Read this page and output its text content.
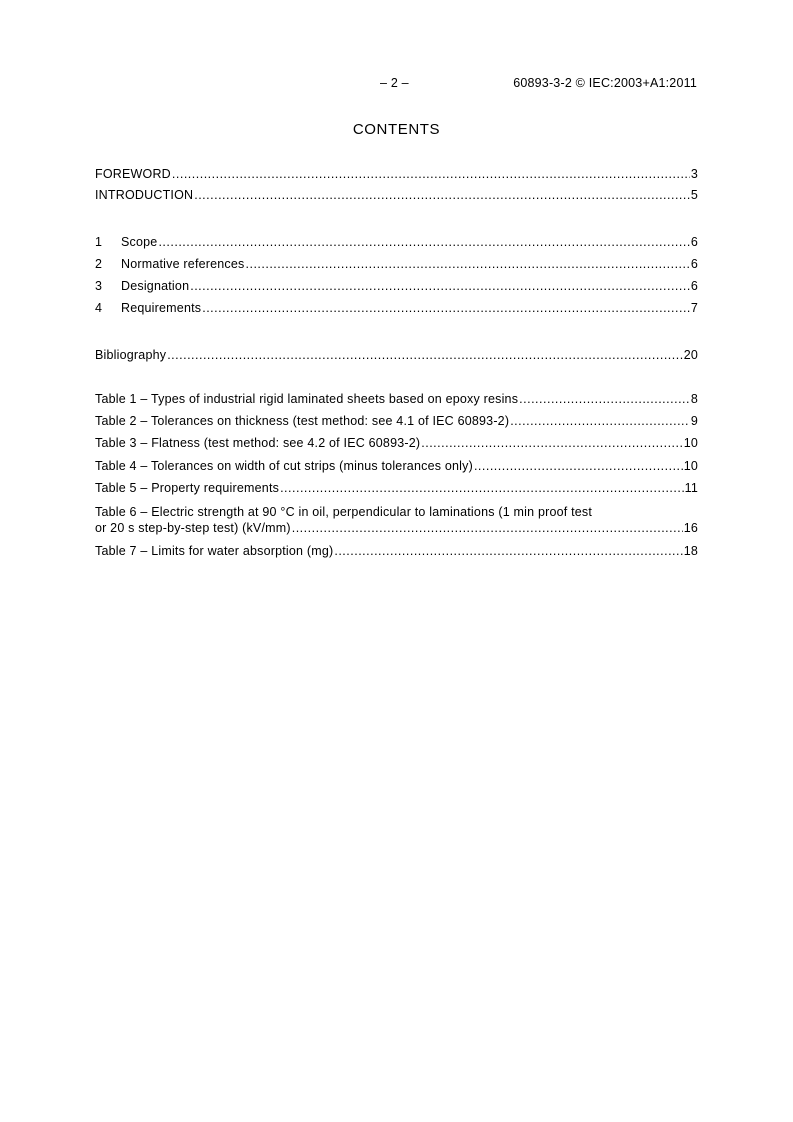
– 2 –	60893-3-2 © IEC:2003+A1:2011
CONTENTS
FOREWORD .....	3
INTRODUCTION .....	5
1	Scope .....	6
2	Normative references .....	6
3	Designation .....	6
4	Requirements .....	7
Bibliography .....	20
Table 1 – Types of industrial rigid laminated sheets based on epoxy resins .....	8
Table 2 – Tolerances on thickness (test method: see 4.1 of IEC 60893-2) .....	9
Table 3 – Flatness (test method: see 4.2 of IEC 60893-2) .....	10
Table 4 – Tolerances on width of cut strips (minus tolerances only) .....	10
Table 5 – Property requirements .....	11
Table 6 – Electric strength at 90 °C in oil, perpendicular to laminations (1 min proof test
or 20 s step-by-step test) (kV/mm) .....	16
Table 7 – Limits for water absorption (mg) .....	18
